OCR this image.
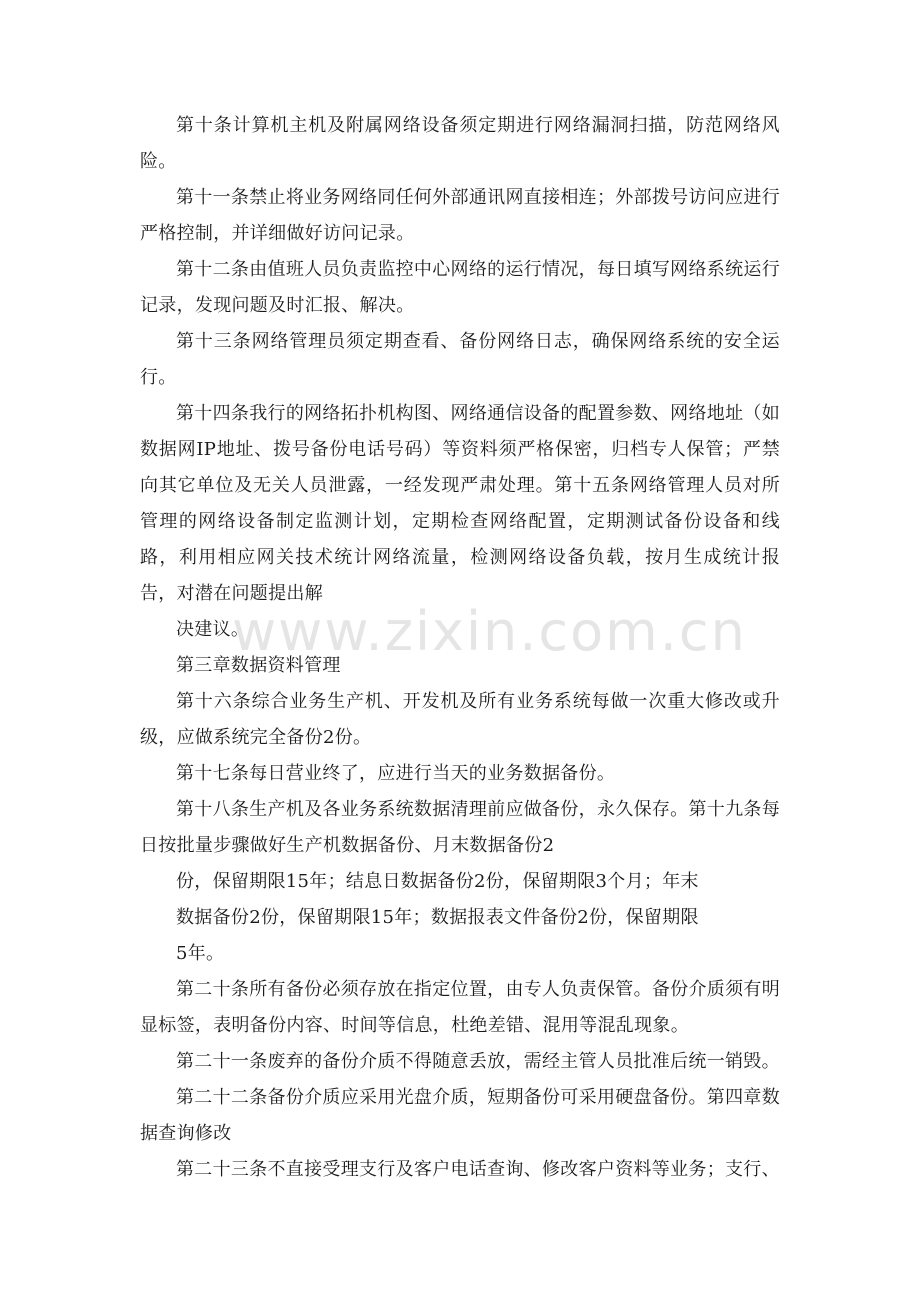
第十条计算机主机及附属网络设备须定期进行网络漏洞扫描，防范网络风险。

第十一条禁止将业务网络同任何外部通讯网直接相连；外部拨号访问应进行严格控制，并详细做好访问记录。

第十二条由值班人员负责监控中心网络的运行情况，每日填写网络系统运行记录，发现问题及时汇报、解决。

第十三条网络管理员须定期查看、备份网络日志，确保网络系统的安全运行。

第十四条我行的网络拓扑机构图、网络通信设备的配置参数、网络地址（如数据网IP地址、拨号备份电话号码）等资料须严格保密，归档专人保管；严禁向其它单位及无关人员泄露，一经发现严肃处理。第十五条网络管理人员对所管理的网络设备制定监测计划，定期检查网络配置，定期测试备份设备和线路，利用相应网关技术统计网络流量，检测网络设备负载，按月生成统计报告，对潜在问题提出解

决建议。

第三章数据资料管理

第十六条综合业务生产机、开发机及所有业务系统每做一次重大修改或升级，应做系统完全备份2份。

第十七条每日营业终了，应进行当天的业务数据备份。

第十八条生产机及各业务系统数据清理前应做备份，永久保存。第十九条每日按批量步骤做好生产机数据备份、月末数据备份2

份，保留期限15年；结息日数据备份2份，保留期限3个月；年末

数据备份2份，保留期限15年；数据报表文件备份2份，保留期限

5年。

第二十条所有备份必须存放在指定位置，由专人负责保管。备份介质须有明显标签，表明备份内容、时间等信息，杜绝差错、混用等混乱现象。

第二十一条废弃的备份介质不得随意丢放，需经主管人员批准后统一销毁。

第二十二条备份介质应采用光盘介质，短期备份可采用硬盘备份。第四章数据查询修改

第二十三条不直接受理支行及客户电话查询、修改客户资料等业务；支行、

www.zixin.com.cn
